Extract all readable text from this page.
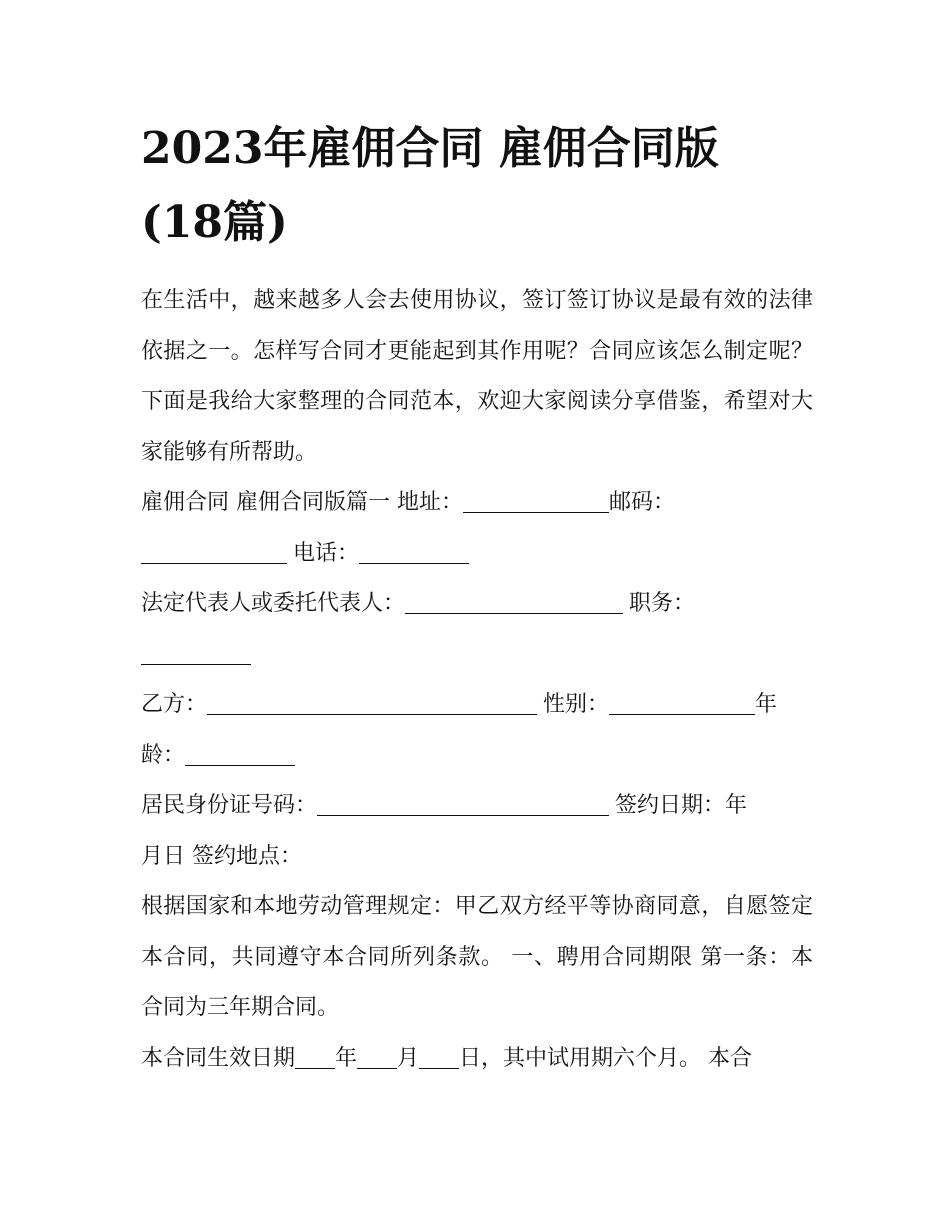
2023年雇佣合同 雇佣合同版
(18篇)

在生活中，越来越多人会去使用协议，签订签订协议是最有效的法律依据之一。怎样写合同才更能起到其作用呢？合同应该怎么制定呢？下面是我给大家整理的合同范本，欢迎大家阅读分享借鉴，希望对大家能够有所帮助。

雇佣合同 雇佣合同版篇一 地址：	邮码：
电话：

法定代表人或委托代表人：	职务：

乙方：	性别：	年
龄：

居民身份证号码：	签约日期：年
月日 签约地点：

根据国家和本地劳动管理规定：甲乙双方经平等协商同意，自愿签定本合同，共同遵守本合同所列条款。 一、聘用合同期限 第一条：本合同为三年期合同。

本合同生效日期 年 月 日，其中试用期六个月。 本合
